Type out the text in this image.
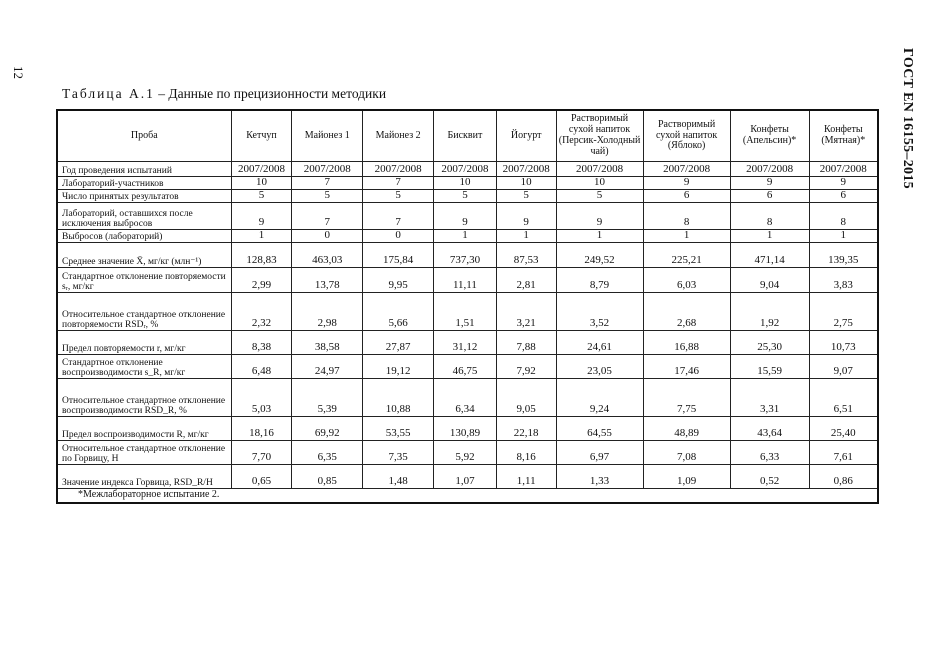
12	ГОСТ EN 16155–2015
Таблица А.1 – Данные по прецизионности методики
Проба	Кетчуп	Майонез 1	Майонез 2	Бисквит	Йогурт	Растворимый сухой напиток (Персик-Холодный чай)	Растворимый сухой напиток (Яблоко)	Конфеты (Апельсин)*	Конфеты (Мятная)*
Год проведения испытаний	2007/2008	2007/2008	2007/2008	2007/2008	2007/2008	2007/2008	2007/2008	2007/2008	2007/2008
Лабораторий-участников	10	7	7	10	10	10	9	9	9
Число принятых результатов	5	5	5	5	5	5	6	6	6
Лабораторий, оставшихся после исключения выбросов	9	7	7	9	9	9	8	8	8
Выбросов (лабораторий)	1	0	0	1	1	1	1	1	1
Среднее значение X̄, мг/кг (млн⁻¹)	128,83	463,03	175,84	737,30	87,53	249,52	225,21	471,14	139,35
Стандартное отклонение повторяемости sᵣ, мг/кг	2,99	13,78	9,95	11,11	2,81	8,79	6,03	9,04	3,83
Относительное стандартное отклонение повторяемости RSDᵣ, %	2,32	2,98	5,66	1,51	3,21	3,52	2,68	1,92	2,75
Предел повторяемости r, мг/кг	8,38	38,58	27,87	31,12	7,88	24,61	16,88	25,30	10,73
Стандартное отклонение воспроизводимости s_R, мг/кг	6,48	24,97	19,12	46,75	7,92	23,05	17,46	15,59	9,07
Относительное стандартное отклонение воспроизводимости RSD_R, %	5,03	5,39	10,88	6,34	9,05	9,24	7,75	3,31	6,51
Предел воспроизводимости R, мг/кг	18,16	69,92	53,55	130,89	22,18	64,55	48,89	43,64	25,40
Относительное стандартное отклонение по Горвицу, H	7,70	6,35	7,35	5,92	8,16	6,97	7,08	6,33	7,61
Значение индекса Горвица, RSD_R/H	0,65	0,85	1,48	1,07	1,11	1,33	1,09	0,52	0,86
*Межлабораторное испытание 2.									
